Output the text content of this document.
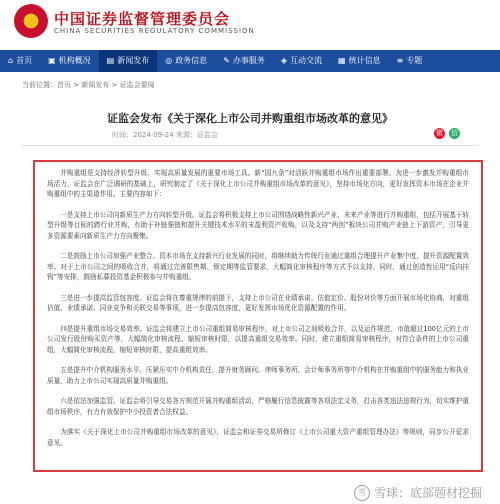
中国证券监督管理委员会
CHINA SECURITIES REGULATORY COMMISSION
⌂ 首页 ▣ 机构概况 ▤ 新闻发布 ◎ 政务信息 ✎ 办事服务 ◈ 互动交流 ▦ 统计信息 ≡ 专题
当前位置：首页 > 新闻发布 > 证监会要闻
证监会发布《关于深化上市公司并购重组市场改革的意见》
时间：2024-09-24 来源：证监会	微 信

并购重组是支持经济转型升级、实现高质量发展的重要市场工具。新“国九条”对活跃并购重组市场作出重要部署。为进一步激发并购重组市场活力，证监会在广泛调研的基础上，研究制定了《关于深化上市公司并购重组市场改革的意见》，坚持市场化方向，更好发挥资本市场在企业并购重组中的主渠道作用。主要内容如下：

一是支持上市公司向新质生产力方向转型升级。证监会将积极支持上市公司围绕战略性新兴产业、未来产业等进行并购重组，包括开展基于转型升级等目标的跨行业并购，有助于补链强链和提升关键技术水平的未盈利资产收购，以及支持“两创”板块公司并购产业链上下游资产，引导更多资源要素向新质生产力方向聚集。

二是鼓励上市公司加强产业整合。资本市场在支持新兴行业发展的同时，将继续助力传统行业通过重组合理提升产业集中度，提升资源配置效率。对于上市公司之间的吸收合并，将通过完善限售期、锁定期等监管要求，大幅简化审核程序等方式予以支持。同时，通过创造性运用“反向挂钩”等安排，鼓励私募投资基金积极参与并购重组。

三是进一步提高监管包容度。证监会将在尊重规律的前提下，支持上市公司在业绩承诺、估值定价、股份对价等方面开展市场化协商，对重组估值、业绩承诺、同业竞争和关联交易等事项，进一步提高包容度，更好发挥市场优化资源配置的作用。

四是提升重组市场交易效率。证监会将建立上市公司重组简易审核程序，对上市公司之间吸收合并，以及运作规范、市值超过100亿元的上市公司发行股份购买资产等，大幅简化审核流程、缩短审核时限，以提高重组交易效率。同时，建立重组简易审核程序，对符合条件的上市公司重组，大幅简化审核流程，缩短审核时限，提高重组效率。

五是提升中介机构服务水平。压紧压实中介机构责任，提升财务顾问、律师事务所、会计师事务所等中介机构在并购重组中的服务能力和执业质量，助力上市公司实现高质量并购重组。

六是依法加强监管。证监会将引导交易各方规范开展并购重组活动，严格履行信息披露等各项法定义务，打击各类违法违规行为，切实维护重组市场秩序，有力有效保护中小投资者合法权益。

为落实《关于深化上市公司并购重组市场改革的意见》，证监会和证券交易所修订《上市公司重大资产重组管理办法》等规则，同步公开征求意见。

雪 雪球：底部题材挖掘
